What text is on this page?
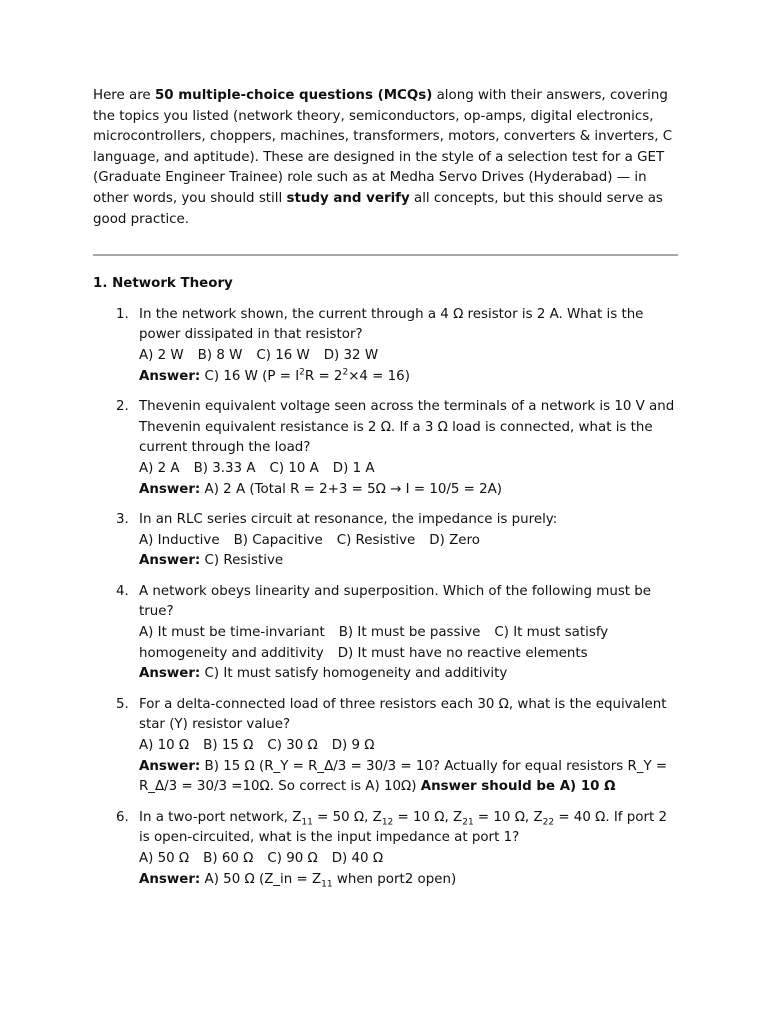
Here are 50 multiple-choice questions (MCQs) along with their answers, covering the topics you listed (network theory, semiconductors, op-amps, digital electronics, microcontrollers, choppers, machines, transformers, motors, converters & inverters, C language, and aptitude). These are designed in the style of a selection test for a GET (Graduate Engineer Trainee) role such as at Medha Servo Drives (Hyderabad) — in other words, you should still study and verify all concepts, but this should serve as good practice.

1. Network Theory

1. In the network shown, the current through a 4 Ω resistor is 2 A. What is the power dissipated in that resistor?
A) 2 W B) 8 W C) 16 W D) 32 W
Answer: C) 16 W $(P = I^2R = 2^2\times 4 = 16)$
2. Thevenin equivalent voltage seen across the terminals of a network is 10 V and Thevenin equivalent resistance is 2 Ω. If a 3 Ω load is connected, what is the current through the load?
A) 2 A B) 3.33 A C) 10 A D) 1 A
Answer: A) 2 A (Total R = 2+3 = 5Ω → I = 10/5 = 2A)
3. In an RLC series circuit at resonance, the impedance is purely:
A) Inductive B) Capacitive C) Resistive D) Zero
Answer: C) Resistive
4. A network obeys linearity and superposition. Which of the following must be true?
A) It must be time-invariant B) It must be passive C) It must satisfy homogeneity and additivity D) It must have no reactive elements
Answer: C) It must satisfy homogeneity and additivity
5. For a delta-connected load of three resistors each 30 Ω, what is the equivalent star (Y) resistor value?
A) 10 Ω B) 15 Ω C) 30 Ω D) 9 Ω
Answer: B) 15 Ω (R_Y = R_Δ/3 = 30/3 = 10? Actually for equal resistors R_Y = R_Δ/3 = 30/3 =10Ω. So correct is A) 10Ω) Answer should be A) 10 Ω
6. In a two-port network, $Z_{11} = 50$ Ω, $Z_{12} = 10$ Ω, $Z_{21} = 10$ Ω, $Z_{22} = 40$ Ω. If port 2 is open-circuited, what is the input impedance at port 1?
A) 50 Ω B) 60 Ω C) 90 Ω D) 40 Ω
Answer: A) 50 Ω (Z_in = $Z_{11}$ when port2 open)
